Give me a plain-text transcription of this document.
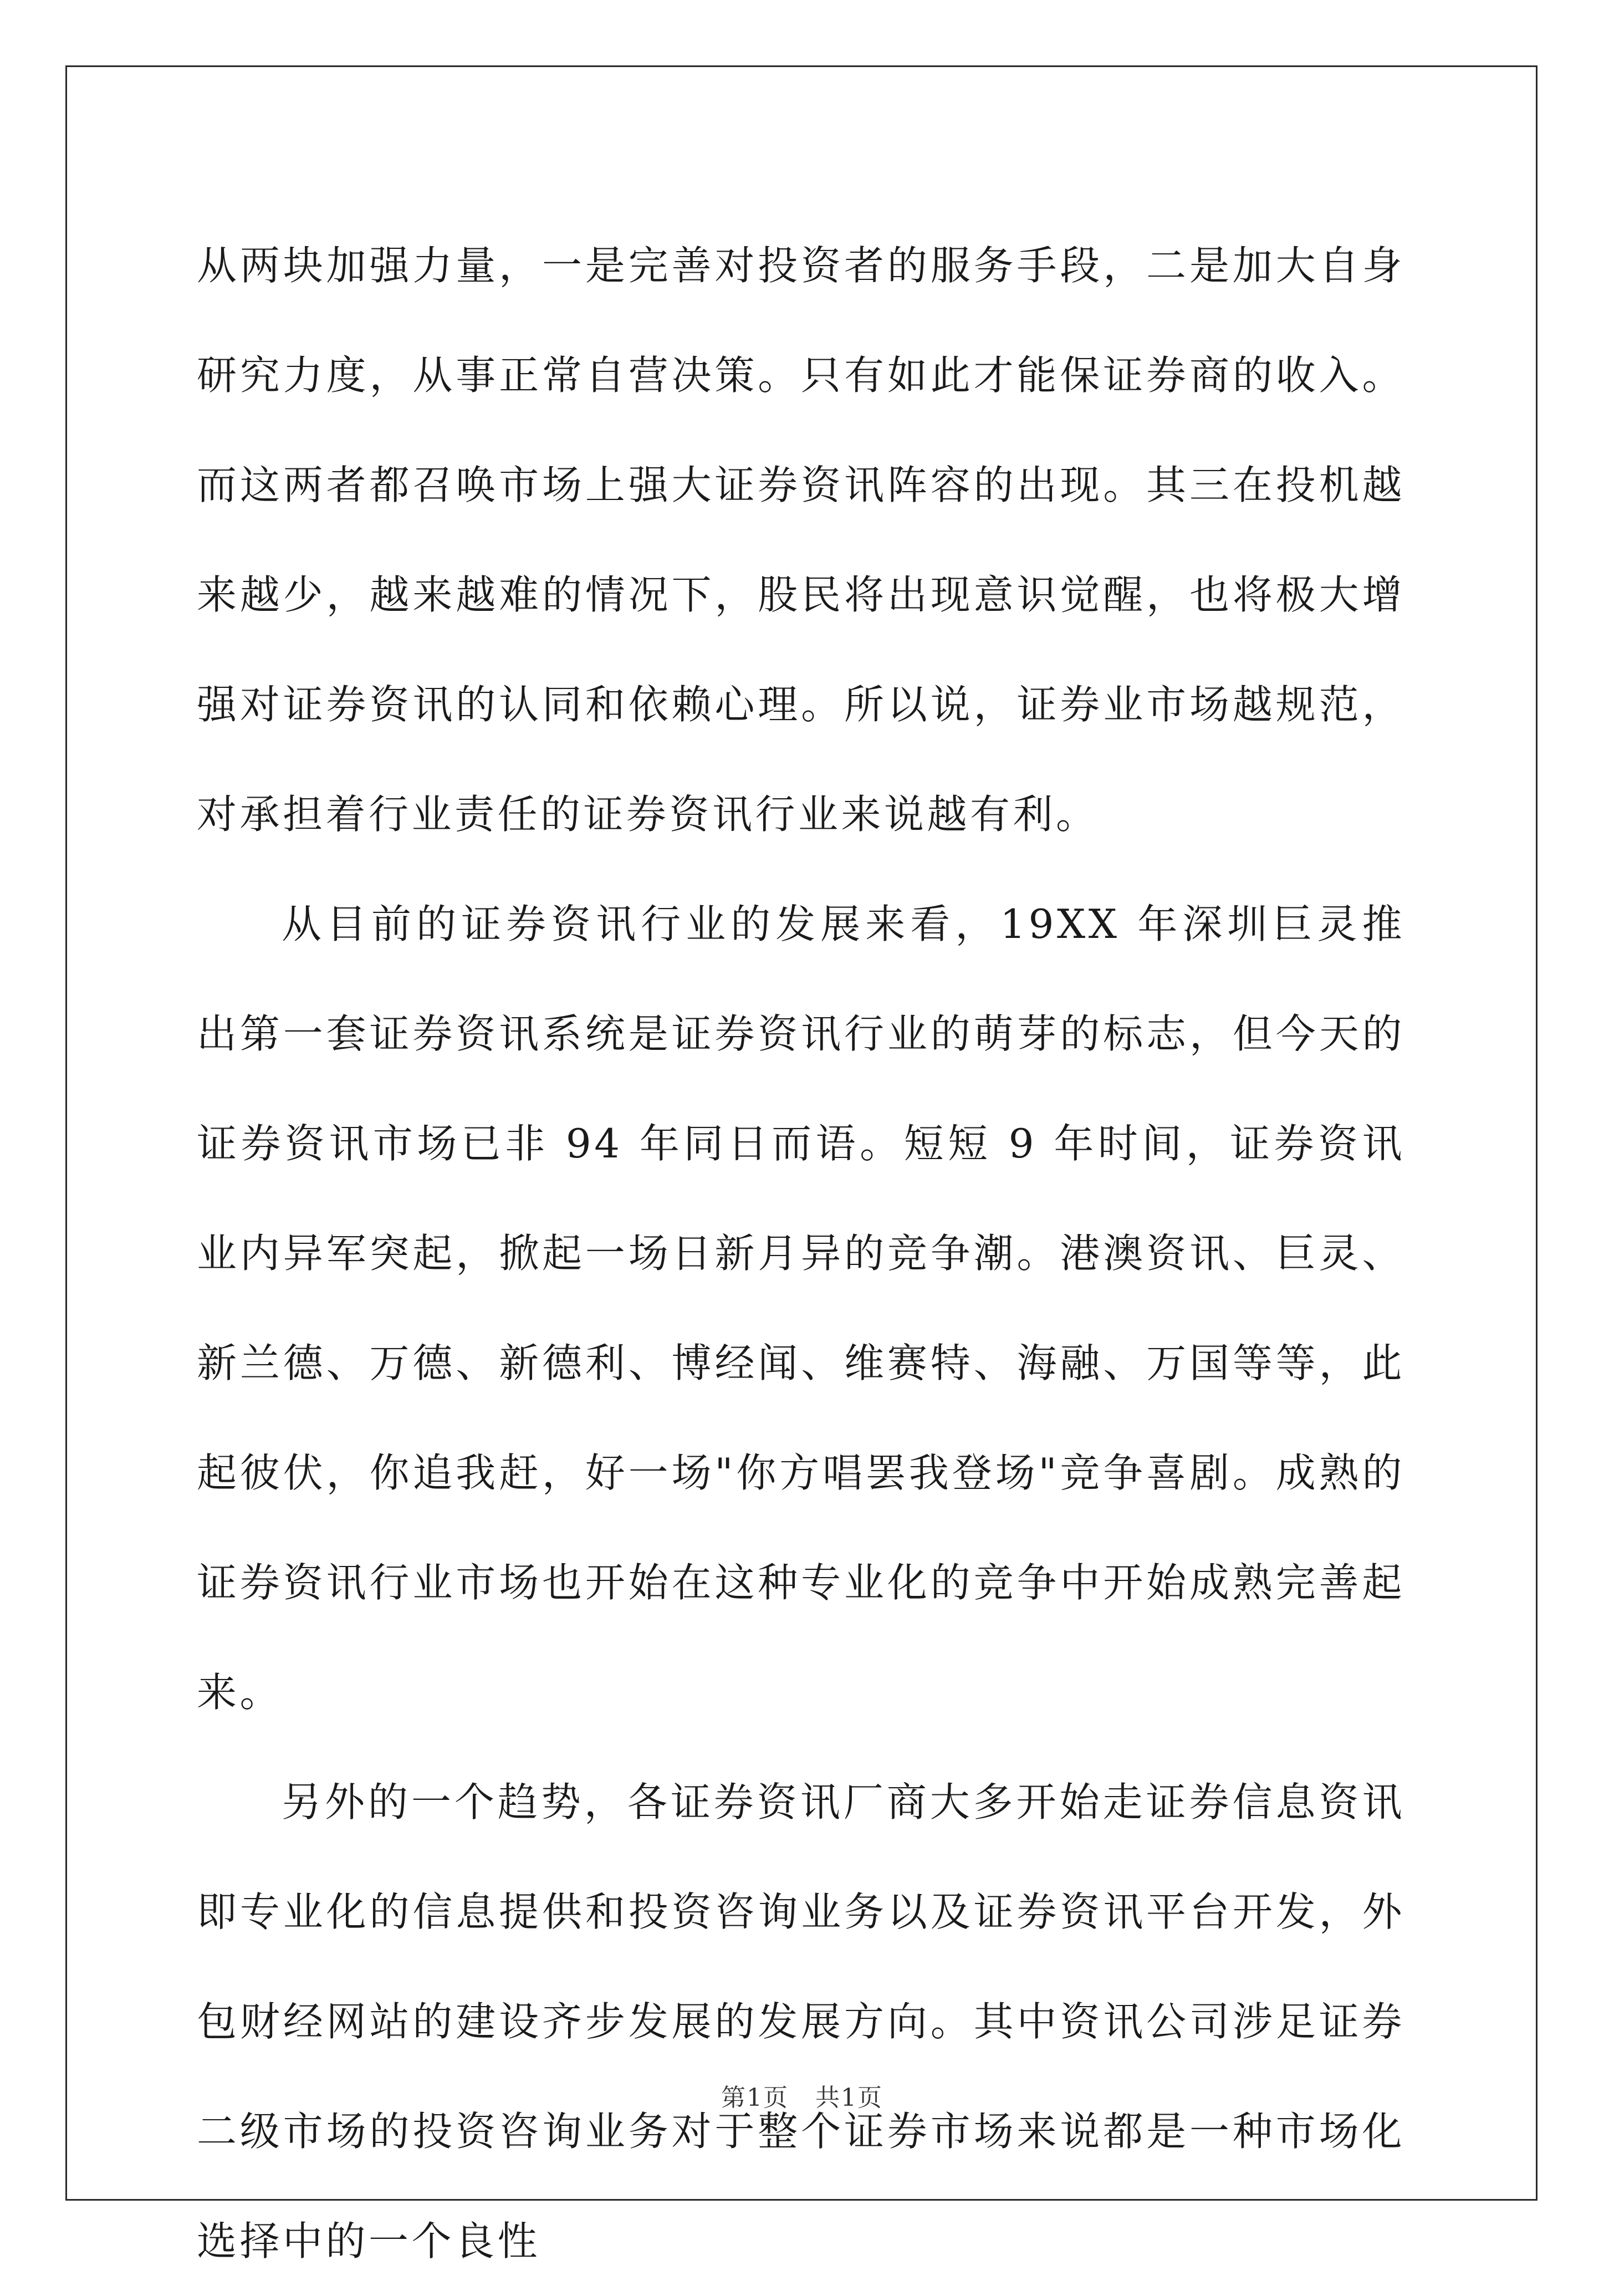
从两块加强力量，一是完善对投资者的服务手段，二是加大自身研究力度，从事正常自营决策。只有如此才能保证券商的收入。而这两者都召唤市场上强大证券资讯阵容的出现。其三在投机越来越少，越来越难的情况下，股民将出现意识觉醒，也将极大增强对证券资讯的认同和依赖心理。所以说，证券业市场越规范，对承担着行业责任的证券资讯行业来说越有利。

从目前的证券资讯行业的发展来看，19XX 年深圳巨灵推出第一套证券资讯系统是证券资讯行业的萌芽的标志，但今天的证券资讯市场已非 94 年同日而语。短短 9 年时间，证券资讯业内异军突起，掀起一场日新月异的竞争潮。港澳资讯、巨灵、新兰德、万德、新德利、博经闻、维赛特、海融、万国等等，此起彼伏，你追我赶，好一场"你方唱罢我登场"竞争喜剧。成熟的证券资讯行业市场也开始在这种专业化的竞争中开始成熟完善起来。

另外的一个趋势，各证券资讯厂商大多开始走证券信息资讯即专业化的信息提供和投资咨询业务以及证券资讯平台开发，外包财经网站的建设齐步发展的发展方向。其中资讯公司涉足证券二级市场的投资咨询业务对于整个证券市场来说都是一种市场化选择中的一个良性

第1页 共1页
